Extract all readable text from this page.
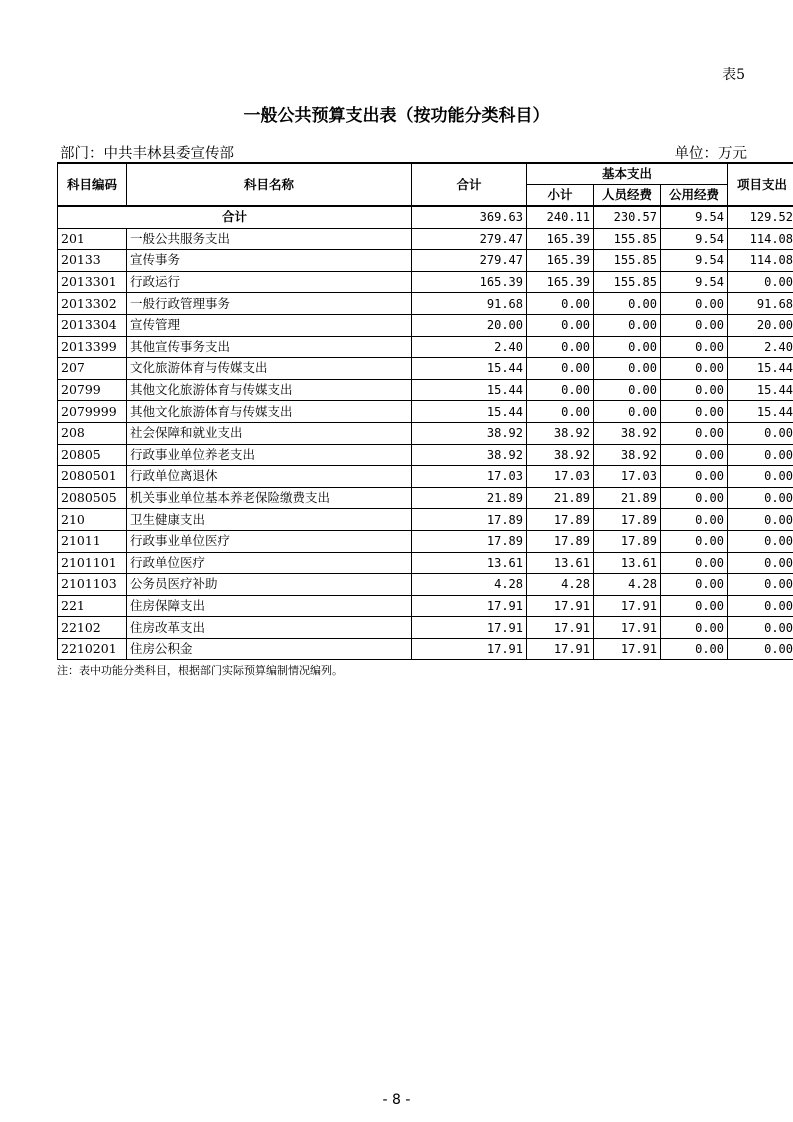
表5
一般公共预算支出表（按功能分类科目）
部门：中共丰林县委宣传部	单位：万元
科目编码	科目名称	合计	基本支出			项目支出
			小计	人员经费	公用经费	
合计		369.63	240.11	230.57	9.54	129.52
201	一般公共服务支出	279.47	165.39	155.85	9.54	114.08
20133	宣传事务	279.47	165.39	155.85	9.54	114.08
2013301	行政运行	165.39	165.39	155.85	9.54	0.00
2013302	一般行政管理事务	91.68	0.00	0.00	0.00	91.68
2013304	宣传管理	20.00	0.00	0.00	0.00	20.00
2013399	其他宣传事务支出	2.40	0.00	0.00	0.00	2.40
207	文化旅游体育与传媒支出	15.44	0.00	0.00	0.00	15.44
20799	其他文化旅游体育与传媒支出	15.44	0.00	0.00	0.00	15.44
2079999	其他文化旅游体育与传媒支出	15.44	0.00	0.00	0.00	15.44
208	社会保障和就业支出	38.92	38.92	38.92	0.00	0.00
20805	行政事业单位养老支出	38.92	38.92	38.92	0.00	0.00
2080501	行政单位离退休	17.03	17.03	17.03	0.00	0.00
2080505	机关事业单位基本养老保险缴费支出	21.89	21.89	21.89	0.00	0.00
210	卫生健康支出	17.89	17.89	17.89	0.00	0.00
21011	行政事业单位医疗	17.89	17.89	17.89	0.00	0.00
2101101	行政单位医疗	13.61	13.61	13.61	0.00	0.00
2101103	公务员医疗补助	4.28	4.28	4.28	0.00	0.00
221	住房保障支出	17.91	17.91	17.91	0.00	0.00
22102	住房改革支出	17.91	17.91	17.91	0.00	0.00
2210201	住房公积金	17.91	17.91	17.91	0.00	0.00
注：表中功能分类科目，根据部门实际预算编制情况编列。
- 8 -
